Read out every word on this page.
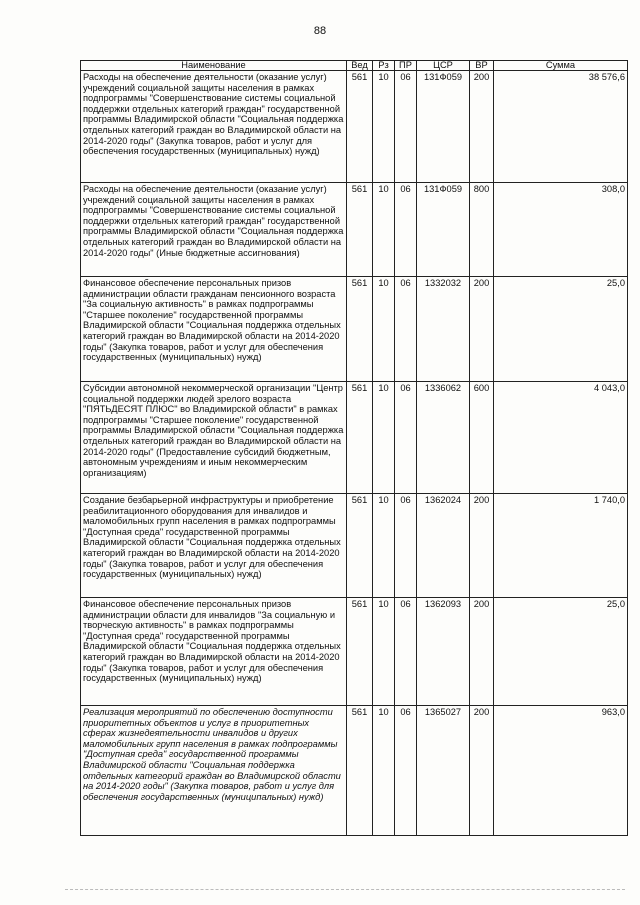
88
Наименование	Вед	Рз	ПР	ЦСР	ВР	Сумма
Расходы на обеспечение деятельности (оказание услуг) учреждений социальной защиты населения в рамках подпрограммы "Совершенствование системы социальной поддержки отдельных категорий граждан" государственной программы Владимирской области "Социальная поддержка отдельных категорий граждан во Владимирской области на 2014-2020 годы" (Закупка товаров, работ и услуг для обеспечения государственных (муниципальных) нужд)	561	10	06	131Ф059	200	38 576,6
Расходы на обеспечение деятельности (оказание услуг) учреждений социальной защиты населения в рамках подпрограммы "Совершенствование системы социальной поддержки отдельных категорий граждан" государственной программы Владимирской области "Социальная поддержка отдельных категорий граждан во Владимирской области на 2014-2020 годы" (Иные бюджетные ассигнования)	561	10	06	131Ф059	800	308,0
Финансовое обеспечение персональных призов администрации области гражданам пенсионного возраста "За социальную активность" в рамках подпрограммы "Старшее поколение" государственной программы Владимирской области "Социальная поддержка отдельных категорий граждан во Владимирской области на 2014-2020 годы" (Закупка товаров, работ и услуг для обеспечения государственных (муниципальных) нужд)	561	10	06	1332032	200	25,0
Субсидии автономной некоммерческой организации "Центр социальной поддержки людей зрелого возраста "ПЯТЬДЕСЯТ ПЛЮС" во Владимирской области" в рамках подпрограммы "Старшее поколение" государственной программы Владимирской области "Социальная поддержка отдельных категорий граждан во Владимирской области на 2014-2020 годы" (Предоставление субсидий бюджетным, автономным учреждениям и иным некоммерческим организациям)	561	10	06	1336062	600	4 043,0
Создание безбарьерной инфраструктуры и приобретение реабилитационного оборудования для инвалидов и маломобильных групп населения в рамках подпрограммы "Доступная среда" государственной программы Владимирской области "Социальная поддержка отдельных категорий граждан во Владимирской области на 2014-2020 годы" (Закупка товаров, работ и услуг для обеспечения государственных (муниципальных) нужд)	561	10	06	1362024	200	1 740,0
Финансовое обеспечение персональных призов администрации области для инвалидов "За социальную и творческую активность" в рамках подпрограммы "Доступная среда" государственной программы Владимирской области "Социальная поддержка отдельных категорий граждан во Владимирской области на 2014-2020 годы" (Закупка товаров, работ и услуг для обеспечения государственных (муниципальных) нужд)	561	10	06	1362093	200	25,0
Реализация мероприятий по обеспечению доступности приоритетных объектов и услуг в приоритетных сферах жизнедеятельности инвалидов и других маломобильных групп населения в рамках подпрограммы "Доступная среда" государственной программы Владимирской области "Социальная поддержка отдельных категорий граждан во Владимирской области на 2014-2020 годы" (Закупка товаров, работ и услуг для обеспечения государственных (муниципальных) нужд)	561	10	06	1365027	200	963,0
